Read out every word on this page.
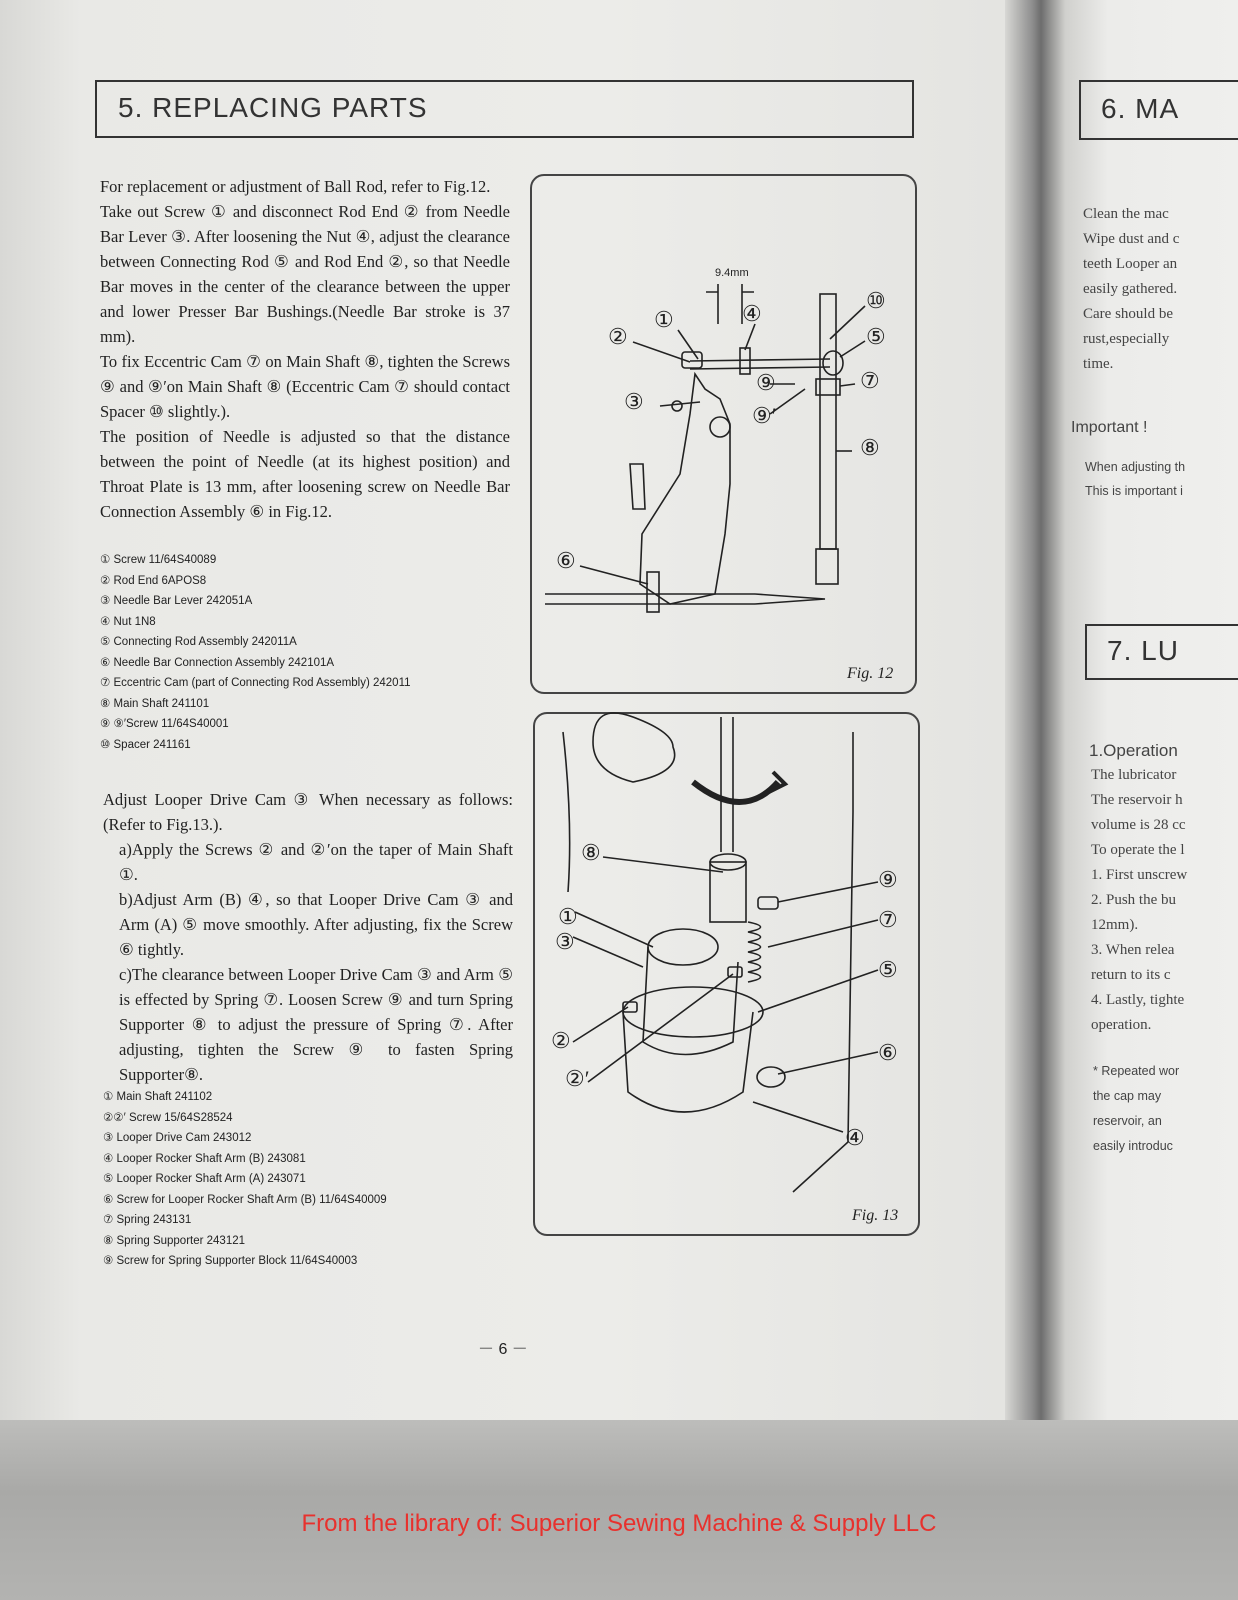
6. MA
Clean the mac
Wipe dust and c
teeth Looper an
easily gathered.
Care should be
rust,especially
time.
Important !
When adjusting th
This is important i
7. LU
1.Operation
The lubricator
The reservoir h
volume is 28 cc
To operate the l
1. First unscrew
2. Push the bu
12mm).
3. When relea
return to its c
4. Lastly, tighte
operation.
* Repeated wor
the cap may
reservoir, an
easily introduc
5. REPLACING PARTS

For replacement or adjustment of Ball Rod, refer to Fig.12.

Take out Screw ① and disconnect Rod End ② from Needle Bar Lever ③. After loosening the Nut ④, adjust the clearance between Connecting Rod ⑤ and Rod End ②, so that Needle Bar moves in the center of the clearance between the upper and lower Presser Bar Bushings.(Needle Bar stroke is 37 mm).

To fix Eccentric Cam ⑦ on Main Shaft ⑧, tighten the Screws ⑨ and ⑨′on Main Shaft ⑧ (Eccentric Cam ⑦ should contact Spacer ⑩ slightly.).

The position of Needle is adjusted so that the distance between the point of Needle (at its highest position) and Throat Plate is 13 mm, after loosening screw on Needle Bar Connection Assembly ⑥ in Fig.12.

① Screw 11/64S40089
② Rod End 6APOS8
③ Needle Bar Lever 242051A
④ Nut 1N8
⑤ Connecting Rod Assembly 242011A
⑥ Needle Bar Connection Assembly 242101A
⑦ Eccentric Cam (part of Connecting Rod Assembly) 242011
⑧ Main Shaft 241101
⑨ ⑨′Screw 11/64S40001
⑩ Spacer 241161

Adjust Looper Drive Cam ③ When necessary as follows:(Refer to Fig.13.).

a)Apply the Screws ② and ②′on the taper of Main Shaft ①.

b)Adjust Arm (B) ④, so that Looper Drive Cam ③ and Arm (A) ⑤ move smoothly. After adjusting, fix the Screw ⑥ tightly.

c)The clearance between Looper Drive Cam ③ and Arm ⑤ is effected by Spring ⑦. Loosen Screw ⑨ and turn Spring Supporter ⑧ to adjust the pressure of Spring ⑦. After adjusting, tighten the Screw ⑨ to fasten Spring Supporter⑧.

① Main Shaft 241102
②②′ Screw 15/64S28524
③ Looper Drive Cam 243012
④ Looper Rocker Shaft Arm (B) 243081
⑤ Looper Rocker Shaft Arm (A) 243071
⑥ Screw for Looper Rocker Shaft Arm (B) 11/64S40009
⑦ Spring 243131
⑧ Spring Supporter 243121
⑨ Screw for Spring Supporter Block 11/64S40003
9.4mm
①
②
③
④
⑤
⑥
⑦
⑧
⑨
⑨′
⑩
Fig. 12
①
②
②′
③
④
⑤
⑥
⑦
⑧
⑨
Fig. 13
－ 6 －
From the library of: Superior Sewing Machine & Supply LLC
